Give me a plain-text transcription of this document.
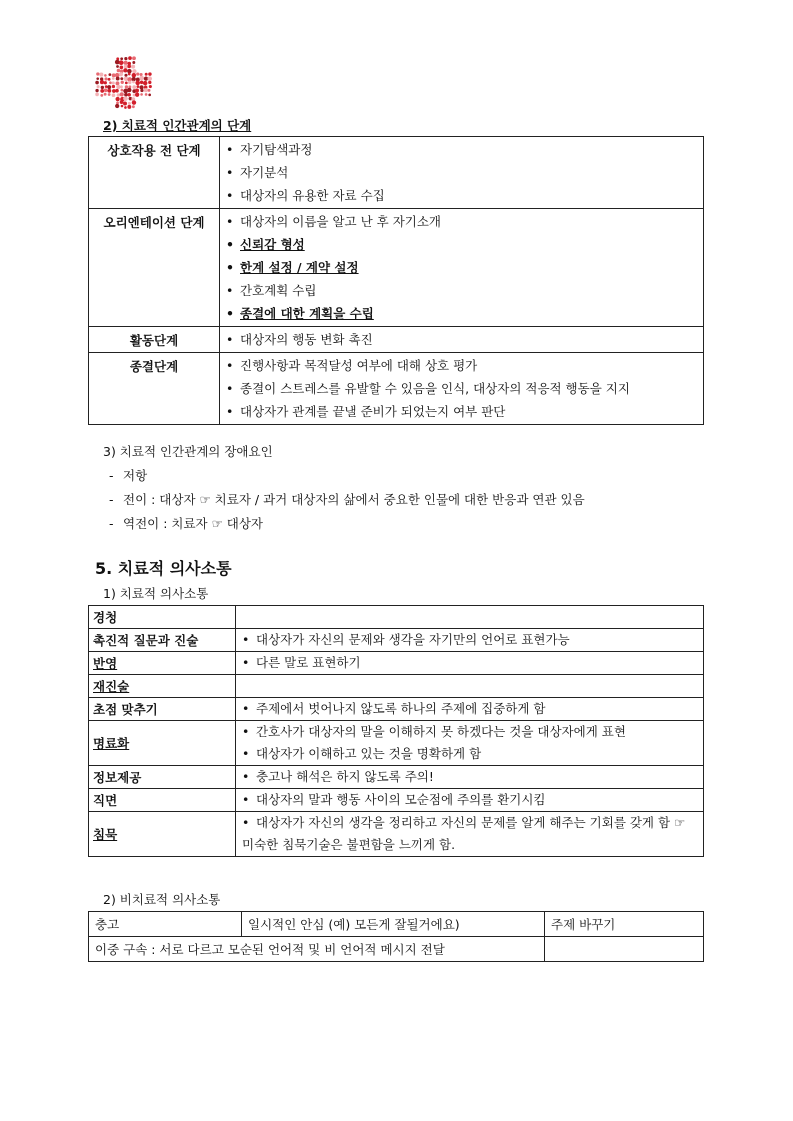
2) 치료적 인간관계의 단계
상호작용 전 단계	• 자기탐색과정
• 자기분석
• 대상자의 유용한 자료 수집

오리엔테이션 단계	• 대상자의 이름을 알고 난 후 자기소개
• 신뢰감 형성
• 한계 설정 / 계약 설정
• 간호계획 수립
• 종결에 대한 계획을 수립

활동단계	• 대상자의 행동 변화 촉진

종결단계	• 진행사항과 목적달성 여부에 대해 상호 평가
• 종결이 스트레스를 유발할 수 있음을 인식, 대상자의 적응적 행동을 지지
• 대상자가 관계를 끝낼 준비가 되었는지 여부 판단
3) 치료적 인간관계의 장애요인
- 저항
- 전이 : 대상자 ☞ 치료자 / 과거 대상자의 삶에서 중요한 인물에 대한 반응과 연관 있음
- 역전이 : 치료자 ☞ 대상자
5. 치료적 의사소통
1) 치료적 의사소통
경청	
촉진적 질문과 진술	• 대상자가 자신의 문제와 생각을 자기만의 언어로 표현가능

반영	• 다른 말로 표현하기

재진술	
초점 맞추기	• 주제에서 벗어나지 않도록 하나의 주제에 집중하게 함

명료화	• 간호사가 대상자의 말을 이해하지 못 하겠다는 것을 대상자에게 표현
• 대상자가 이해하고 있는 것을 명확하게 함

정보제공	• 충고나 해석은 하지 않도록 주의!

직면	• 대상자의 말과 행동 사이의 모순점에 주의를 환기시킴

침묵	• 대상자가 자신의 생각을 정리하고 자신의 문제를 알게 해주는 기회를 갖게 함 ☞ 미숙한 침묵기술은 불편함을 느끼게 함.
2) 비치료적 의사소통
충고	일시적인 안심 (예) 모든게 잘될거에요)	주제 바꾸기
이중 구속 : 서로 다르고 모순된 언어적 및 비 언어적 메시지 전달		
